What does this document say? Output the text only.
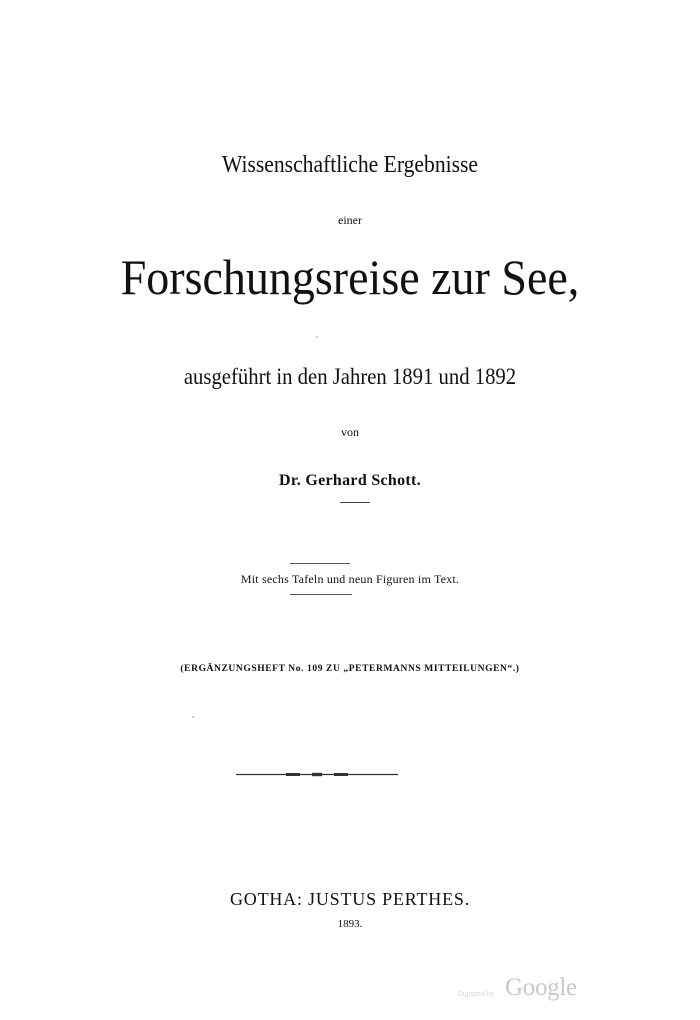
Wissenschaftliche Ergebnisse
einer
Forschungsreise zur See,
ausgeführt in den Jahren 1891 und 1892
von
Dr. Gerhard Schott.
Mit sechs Tafeln und neun Figuren im Text.
(ERGÄNZUNGSHEFT No. 109 ZU „PETERMANNS MITTEILUNGEN“.)
GOTHA: JUSTUS PERTHES.
1893.
Digitized by Google
